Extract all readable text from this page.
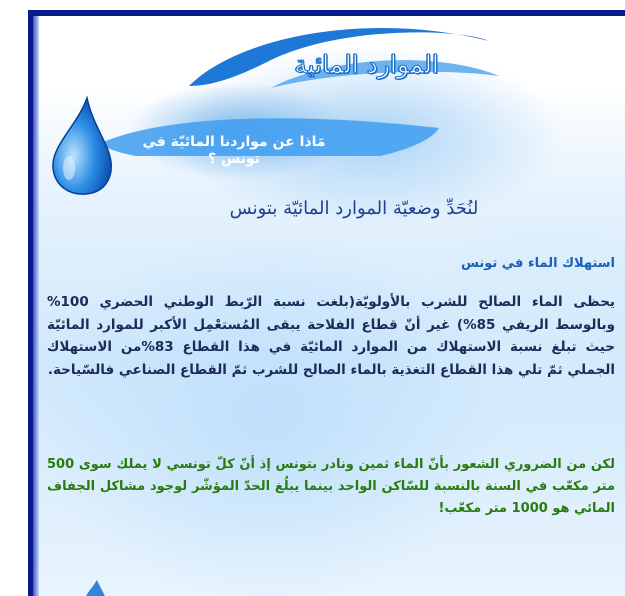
الموارد المائية
مَاذا عن مواردنا المائيّة في تونس ؟
لنُحَدِّ وضعيّة الموارد المائيّة بتونس
استهلاك الماء في تونس

يحظى الماء الصالح للشرب بالأولويّة(بلغت نسبة الرّبط الوطني الحضري 100% وبالوسط الريفي 85%) غير أنّ قطاع الفلاحة يبقى المُستعْمِل الأكبر للموارد المائيّة حيث تبلغ نسبة الاستهلاك من الموارد المائيّة في هذا القطاع 83%من الاستهلاك الجملي ثمّ تلي هذا القطاع التغذية بالماء الصالح للشرب ثمّ القطاع الصناعي فالسّياحة.

لكن من الضروري الشعور بأنّ الماء ثمين ونادر بتونس إذ أنّ كلّ تونسي لا يملك سوى 500 متر مكعّب في السنة بالنسبة للسّاكن الواحد بينما يبلُغ الحدّ المؤشّر لوجود مشاكل الجفاف المائي هو 1000 متر مكعّب!
